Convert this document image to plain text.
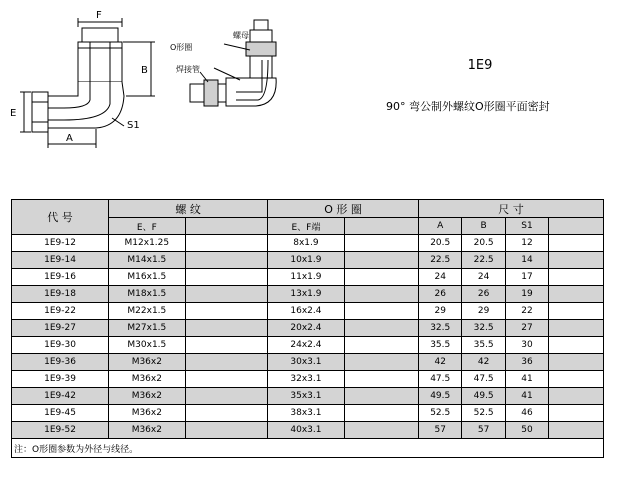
F
B
E
A
S1
螺母
O形圈
焊接管	1E9
90° 弯公制外螺纹O形圈平面密封
代 号	螺 纹		O 形 圈		尺 寸			
	E、F		E、F端		A	B	S1	
1E9-12	M12x1.25		8x1.9		20.5	20.5	12	
1E9-14	M14x1.5		10x1.9		22.5	22.5	14	
1E9-16	M16x1.5		11x1.9		24	24	17	
1E9-18	M18x1.5		13x1.9		26	26	19	
1E9-22	M22x1.5		16x2.4		29	29	22	
1E9-27	M27x1.5		20x2.4		32.5	32.5	27	
1E9-30	M30x1.5		24x2.4		35.5	35.5	30	
1E9-36	M36x2		30x3.1		42	42	36	
1E9-39	M36x2		32x3.1		47.5	47.5	41	
1E9-42	M36x2		35x3.1		49.5	49.5	41	
1E9-45	M36x2		38x3.1		52.5	52.5	46	
1E9-52	M36x2		40x3.1		57	57	50	
注：O形圈参数为外径与线径。								
